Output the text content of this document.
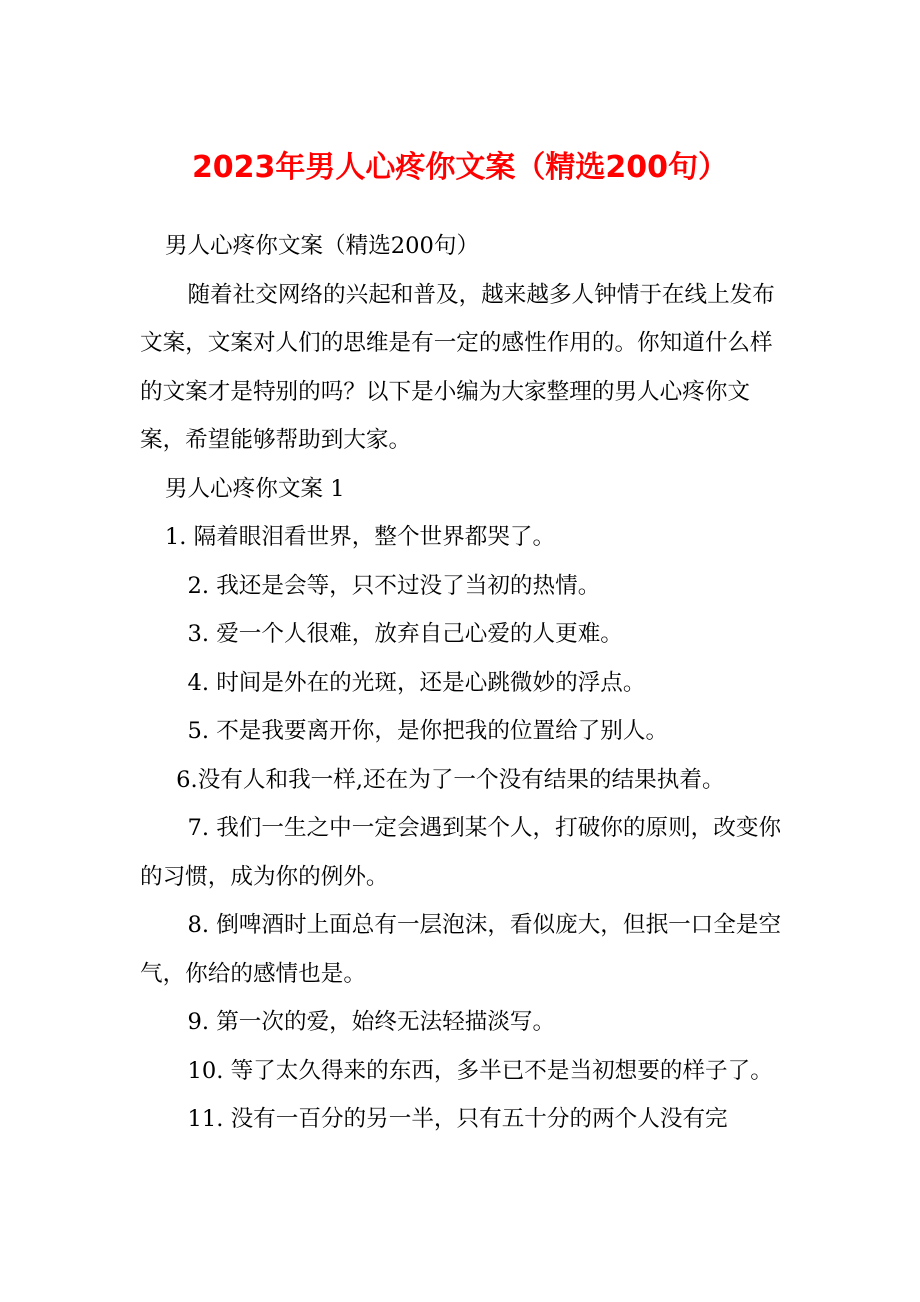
2023年男人心疼你文案（精选200句）

男人心疼你文案（精选200句）

随着社交网络的兴起和普及，越来越多人钟情于在线上发布文案，文案对人们的思维是有一定的感性作用的。你知道什么样的文案才是特别的吗？以下是小编为大家整理的男人心疼你文案，希望能够帮助到大家。

男人心疼你文案 1

1. 隔着眼泪看世界，整个世界都哭了。

2. 我还是会等，只不过没了当初的热情。

3. 爱一个人很难，放弃自己心爱的人更难。

4. 时间是外在的光斑，还是心跳微妙的浮点。

5. 不是我要离开你，是你把我的位置给了别人。

6.没有人和我一样,还在为了一个没有结果的结果执着。

7. 我们一生之中一定会遇到某个人，打破你的原则，改变你的习惯，成为你的例外。

8. 倒啤酒时上面总有一层泡沫，看似庞大，但抿一口全是空气，你给的感情也是。

9. 第一次的爱，始终无法轻描淡写。

10. 等了太久得来的东西，多半已不是当初想要的样子了。

11. 没有一百分的另一半，只有五十分的两个人没有完
